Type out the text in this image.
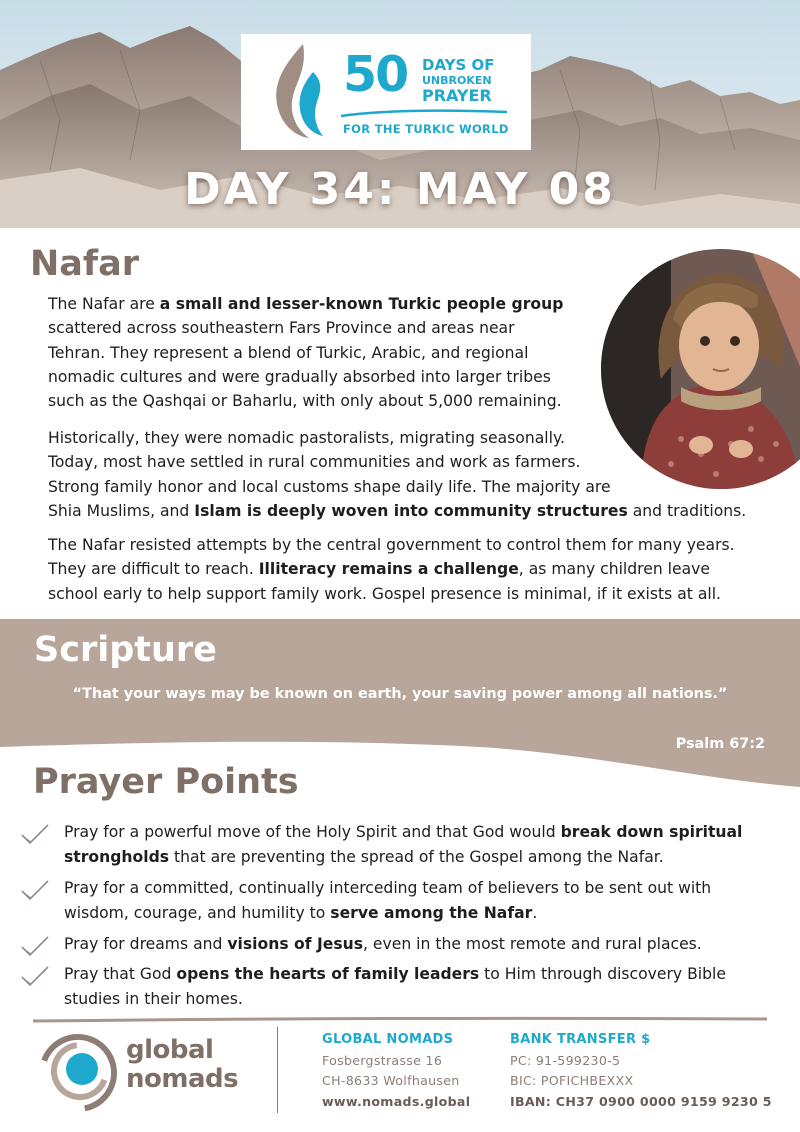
50 DAYS OF
UNBROKEN
PRAYER
FOR THE TURKIC WORLD
DAY 34: MAY 08
Nafar

The Nafar are a small and lesser-known Turkic people group

scattered across southeastern Fars Province and areas near

Tehran. They represent a blend of Turkic, Arabic, and regional

nomadic cultures and were gradually absorbed into larger tribes

such as the Qashqai or Baharlu, with only about 5,000 remaining.

Historically, they were nomadic pastoralists, migrating seasonally.

Today, most have settled in rural communities and work as farmers.

Strong family honor and local customs shape daily life. The majority are

Shia Muslims, and Islam is deeply woven into community structures and traditions.

The Nafar resisted attempts by the central government to control them for many years.

They are difficult to reach. Illiteracy remains a challenge, as many children leave

school early to help support family work. Gospel presence is minimal, if it exists at all.

Scripture
“That your ways may be known on earth, your saving power among all nations.”
Psalm 67:2
Prayer Points

Pray for a powerful move of the Holy Spirit and that God would break down spiritual

strongholds that are preventing the spread of the Gospel among the Nafar.

Pray for a committed, continually interceding team of believers to be sent out with

wisdom, courage, and humility to serve among the Nafar.

Pray for dreams and visions of Jesus, even in the most remote and rural places.

Pray that God opens the hearts of family leaders to Him through discovery Bible

studies in their homes.

global
nomads
GLOBAL NOMADS
Fosbergstrasse 16
CH-8633 Wolfhausen
www.nomads.global
BANK TRANSFER $
PC: 91-599230-5
BIC: POFICHBEXXX
IBAN: CH37 0900 0000 9159 9230 5
